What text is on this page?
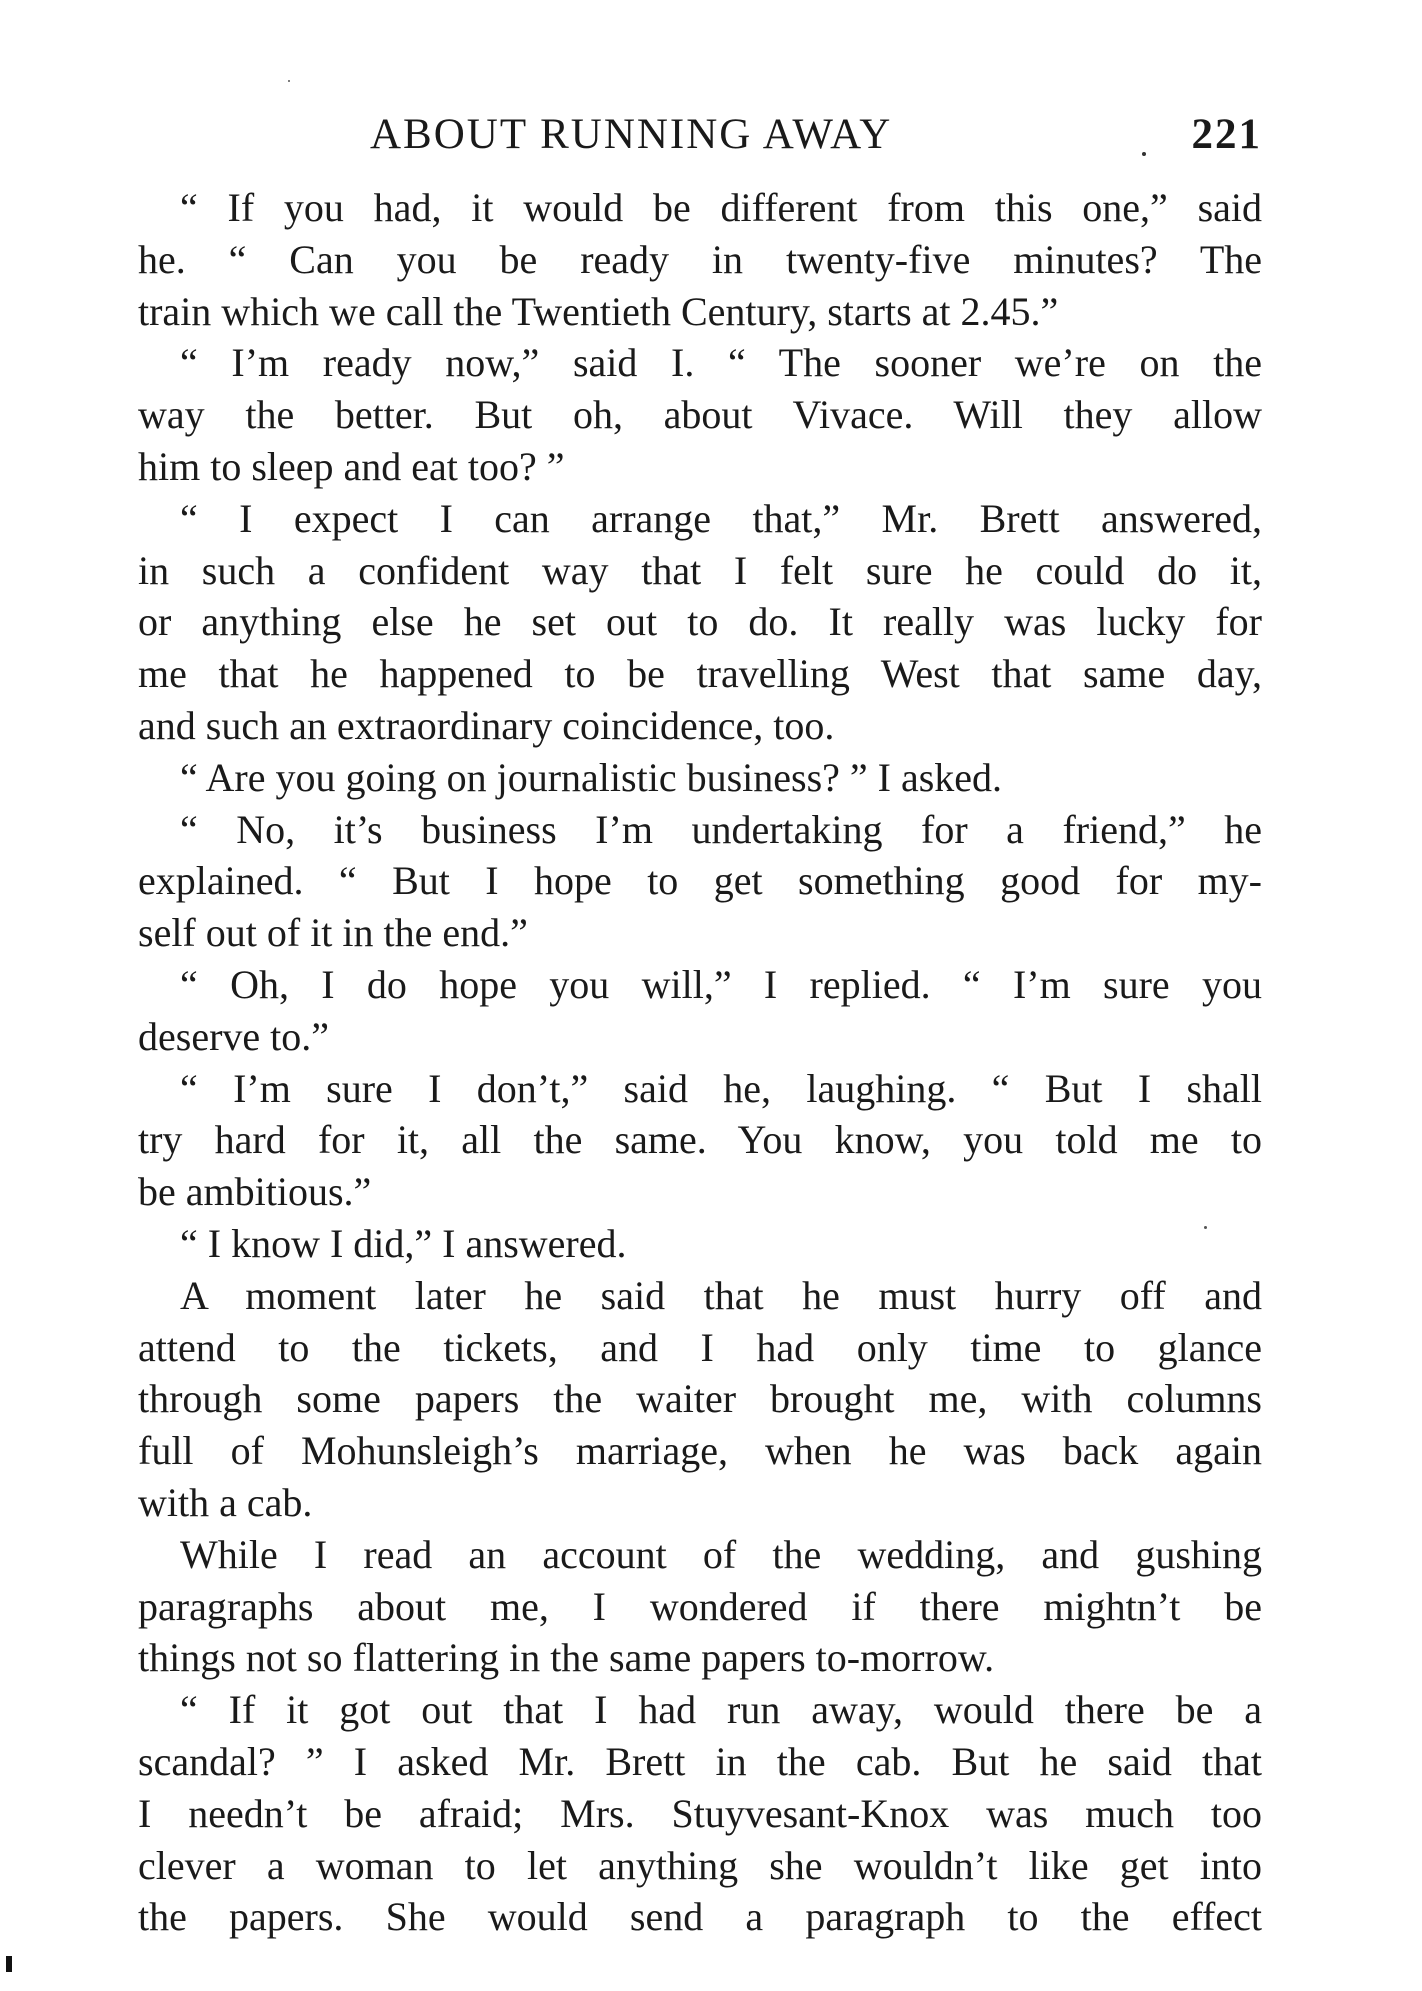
ABOUT RUNNING AWAY	221
“ If you had, it would be different from this one,” said
he. “ Can you be ready in twenty-five minutes? The
train which we call the Twentieth Century, starts at 2.45.”
“ I’m ready now,” said I. “ The sooner we’re on the
way the better. But oh, about Vivace. Will they allow
him to sleep and eat too? ”
“ I expect I can arrange that,” Mr. Brett answered,
in such a confident way that I felt sure he could do it,
or anything else he set out to do. It really was lucky for
me that he happened to be travelling West that same day,
and such an extraordinary coincidence, too.
“ Are you going on journalistic business? ” I asked.
“ No, it’s business I’m undertaking for a friend,” he
explained. “ But I hope to get something good for my-
self out of it in the end.”
“ Oh, I do hope you will,” I replied. “ I’m sure you
deserve to.”
“ I’m sure I don’t,” said he, laughing. “ But I shall
try hard for it, all the same. You know, you told me to
be ambitious.”
“ I know I did,” I answered.
A moment later he said that he must hurry off and
attend to the tickets, and I had only time to glance
through some papers the waiter brought me, with columns
full of Mohunsleigh’s marriage, when he was back again
with a cab.
While I read an account of the wedding, and gushing
paragraphs about me, I wondered if there mightn’t be
things not so flattering in the same papers to-morrow.
“ If it got out that I had run away, would there be a
scandal? ” I asked Mr. Brett in the cab. But he said that
I needn’t be afraid; Mrs. Stuyvesant-Knox was much too
clever a woman to let anything she wouldn’t like get into
the papers. She would send a paragraph to the effect
